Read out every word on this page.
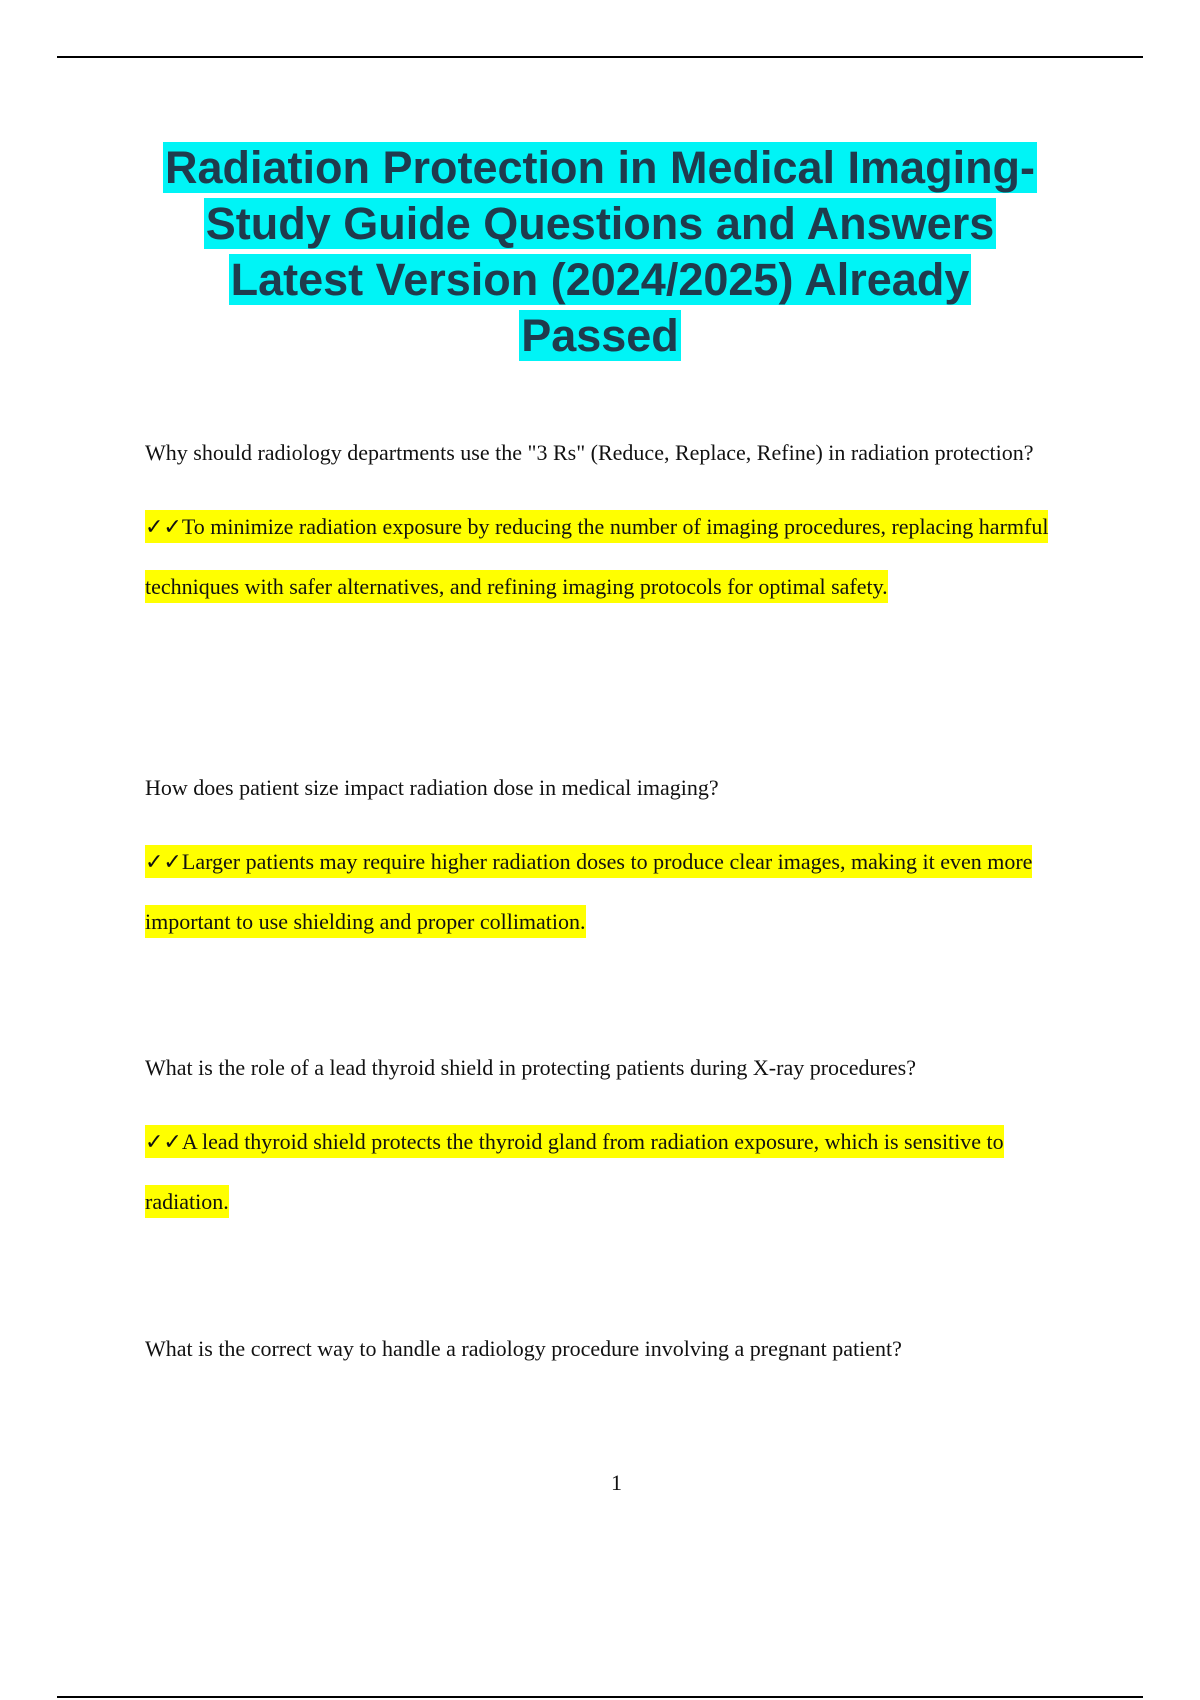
Radiation Protection in Medical Imaging-
Study Guide Questions and Answers
Latest Version (2024/2025) Already
Passed

Why should radiology departments use the "3 Rs" (Reduce, Replace, Refine) in radiation protection?

✓✓To minimize radiation exposure by reducing the number of imaging procedures, replacing harmful techniques with safer alternatives, and refining imaging protocols for optimal safety.

How does patient size impact radiation dose in medical imaging?

✓✓Larger patients may require higher radiation doses to produce clear images, making it even more important to use shielding and proper collimation.

What is the role of a lead thyroid shield in protecting patients during X-ray procedures?

✓✓A lead thyroid shield protects the thyroid gland from radiation exposure, which is sensitive to radiation.

What is the correct way to handle a radiology procedure involving a pregnant patient?

1
